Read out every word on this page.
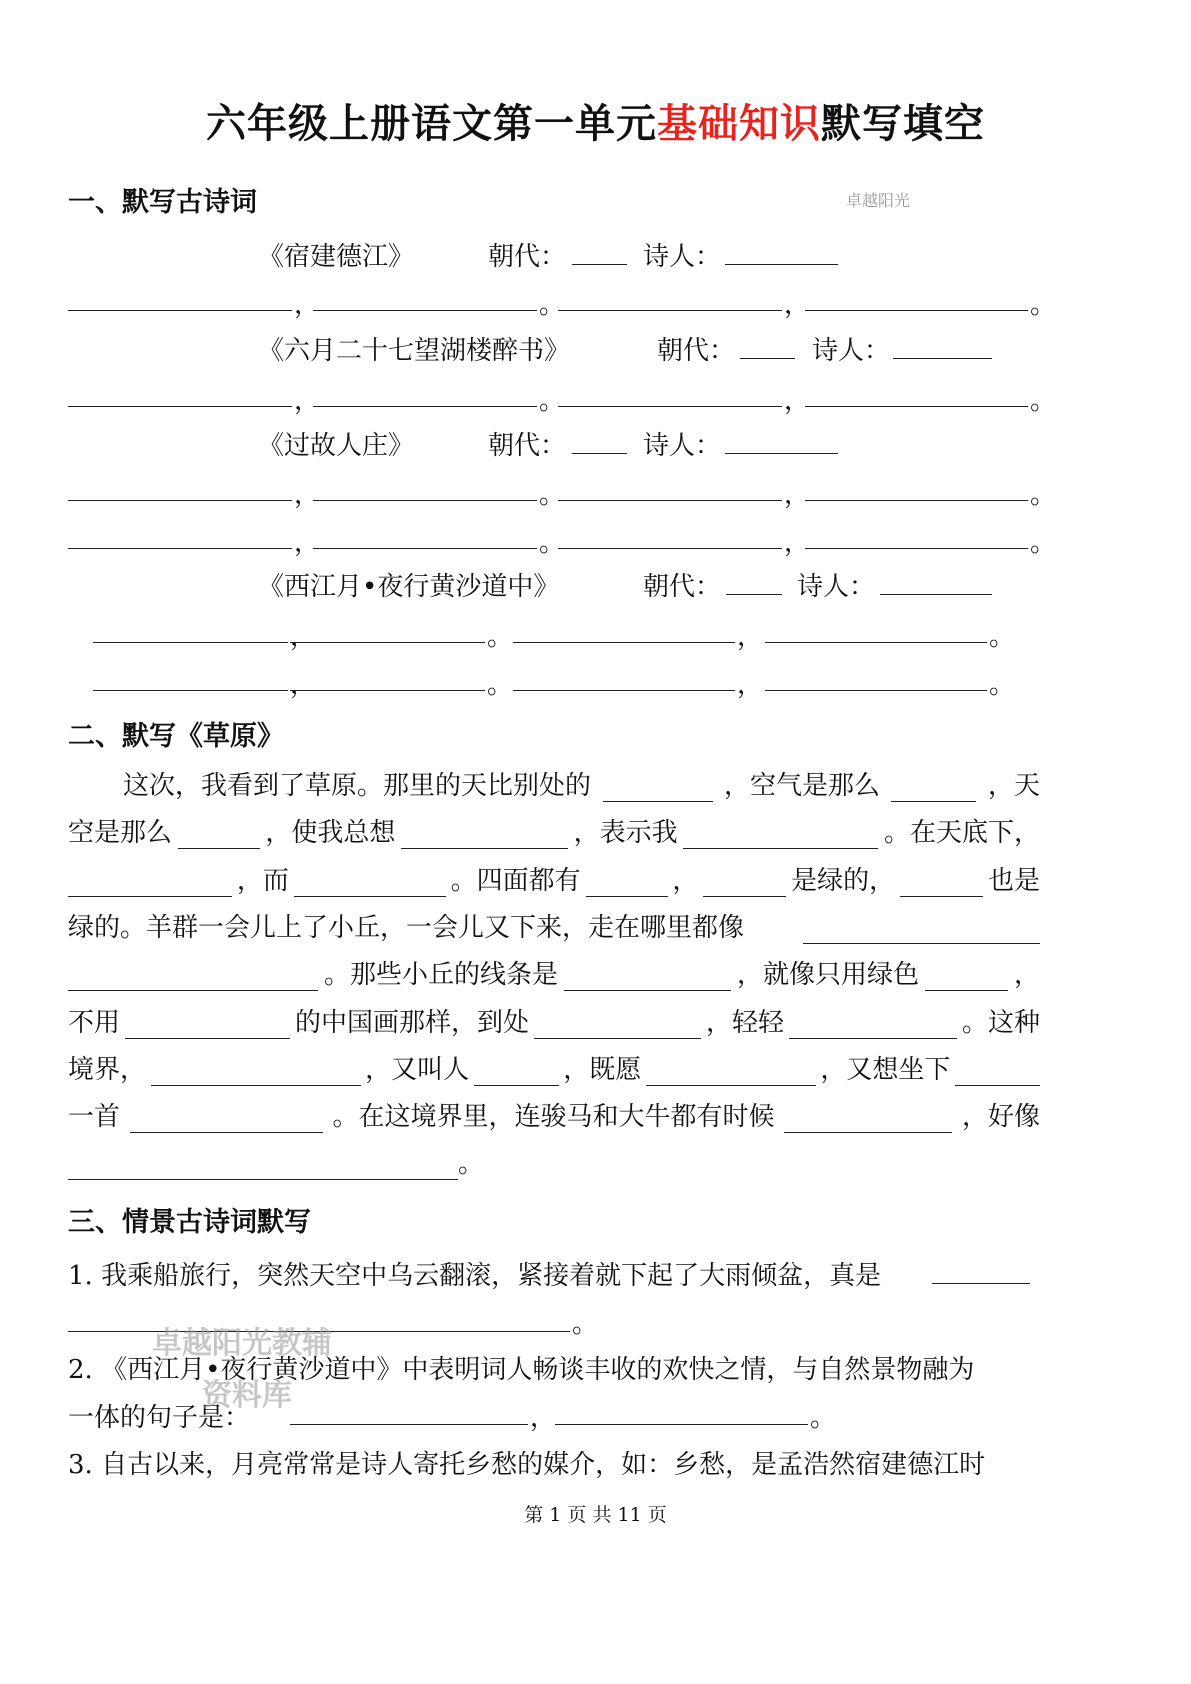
六年级上册语文第一单元基础知识默写填空
卓越阳光
一、默写古诗词
《宿建德江》	朝代：	诗人：
，	。	，	。
《六月二十七望湖楼醉书》	朝代：	诗人：
，	。	，	。
《过故人庄》	朝代：	诗人：
，	。	，	。
，	。	，	。
《西江月•夜行黄沙道中》	朝代：	诗人：
，	。	，	。
，	。	，	。
二、默写《草原》
这次，我看到了草原。那里的天比别处的	，空气是那么	，天
空是那么	，使我总想	，表示我	。在天底下，
，而	。四面都有	，	是绿的，	也是
绿的。羊群一会儿上了小丘，一会儿又下来，走在哪里都像
。那些小丘的线条是	，就像只用绿色	，
不用	的中国画那样，到处	，轻轻	。这种
境界，	，又叫人	，既愿	，又想坐下
一首	。在这境界里，连骏马和大牛都有时候	，好像
。
三、情景古诗词默写
1. 我乘船旅行，突然天空中乌云翻滚，紧接着就下起了大雨倾盆，真是
。
2. 《西江月•夜行黄沙道中》中表明词人畅谈丰收的欢快之情，与自然景物融为
一体的句子是：	，	。
3. 自古以来，月亮常常是诗人寄托乡愁的媒介，如：乡愁，是孟浩然宿建德江时
卓越阳光教辅
资料库
第 1 页 共 11 页
